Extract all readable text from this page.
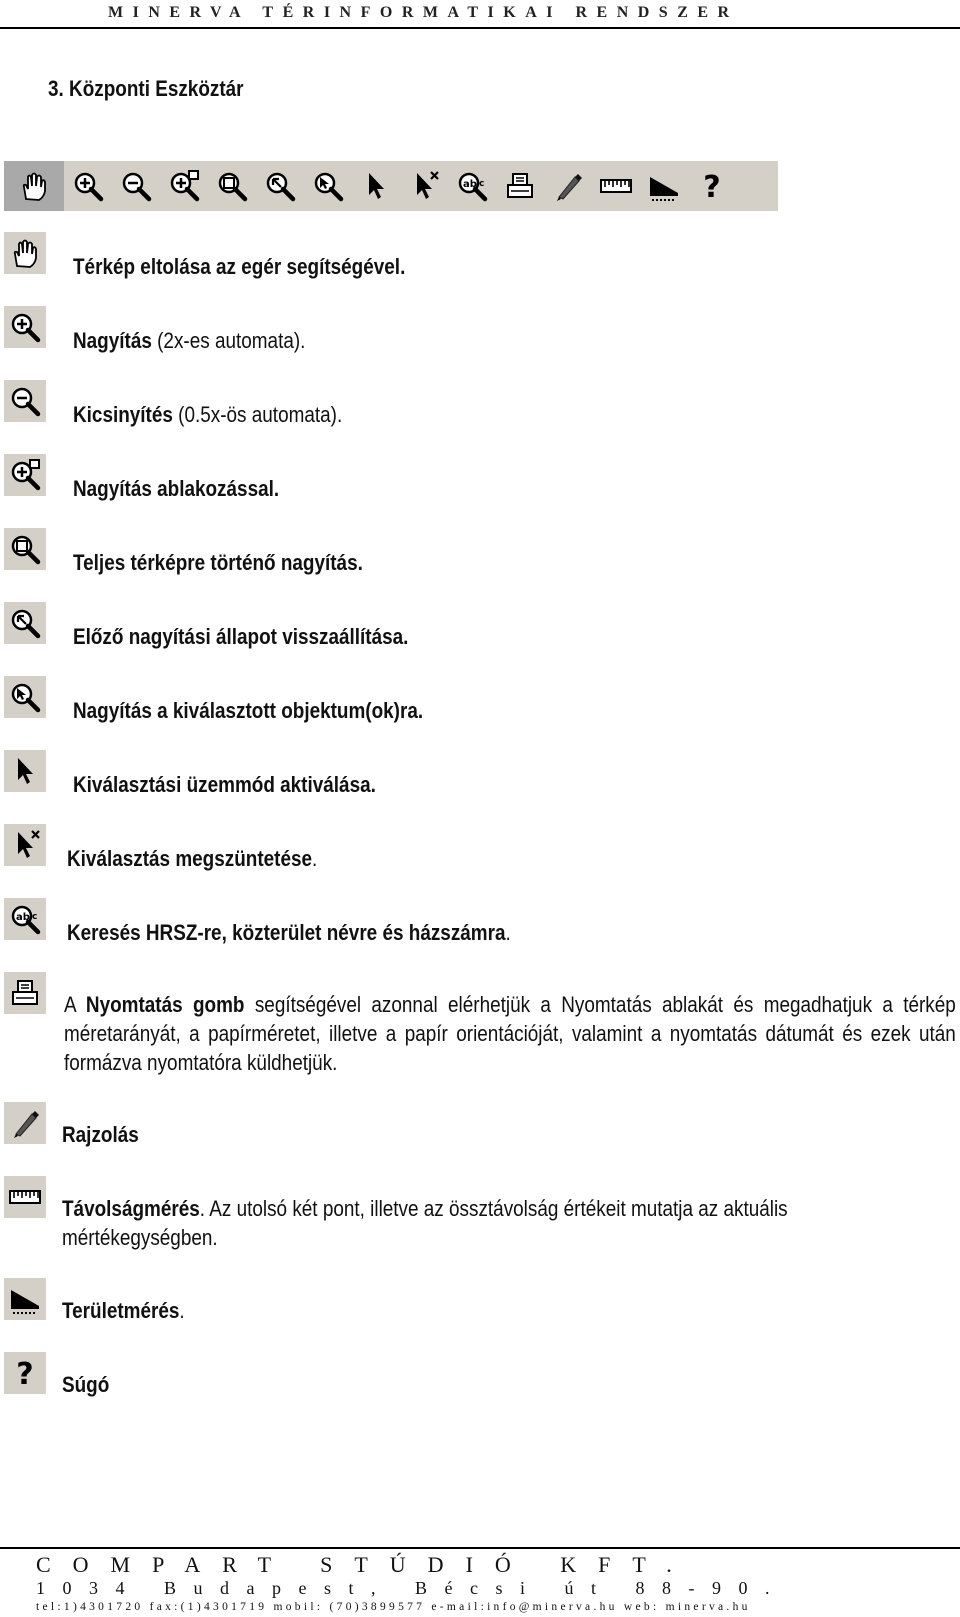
MINERVA TÉRINFORMATIKAI RENDSZER
3. Központi Eszköztár
ab c	?
Térkép eltolása az egér segítségével.
Nagyítás (2x-es automata).
Kicsinyítés (0.5x-ös automata).
Nagyítás ablakozással.
Teljes térképre történő nagyítás.
Előző nagyítási állapot visszaállítása.
Nagyítás a kiválasztott objektum(ok)ra.
Kiválasztási üzemmód aktiválása.
Kiválasztás megszüntetése.
ab c
Keresés HRSZ-re, közterület névre és házszámra.
A Nyomtatás gomb segítségével azonnal elérhetjük a Nyomtatás ablakát és megadhatjuk a térkép méretarányát, a papírméretet, illetve a papír orientációját, valamint a nyomtatás dátumát és ezek után formázva nyomtatóra küldhetjük.
Rajzolás
Távolságmérés. Az utolsó két pont, illetve az össztávolság értékeit mutatja az aktuális mértékegységben.
Területmérés.
? Súgó
COMPART STÚDIÓ KFT.
1034 Budapest, Bécsi út 88-90.
tel:1)4301720 fax:(1)4301719 mobil: (70)3899577 e-mail:info@minerva.hu web: minerva.hu
